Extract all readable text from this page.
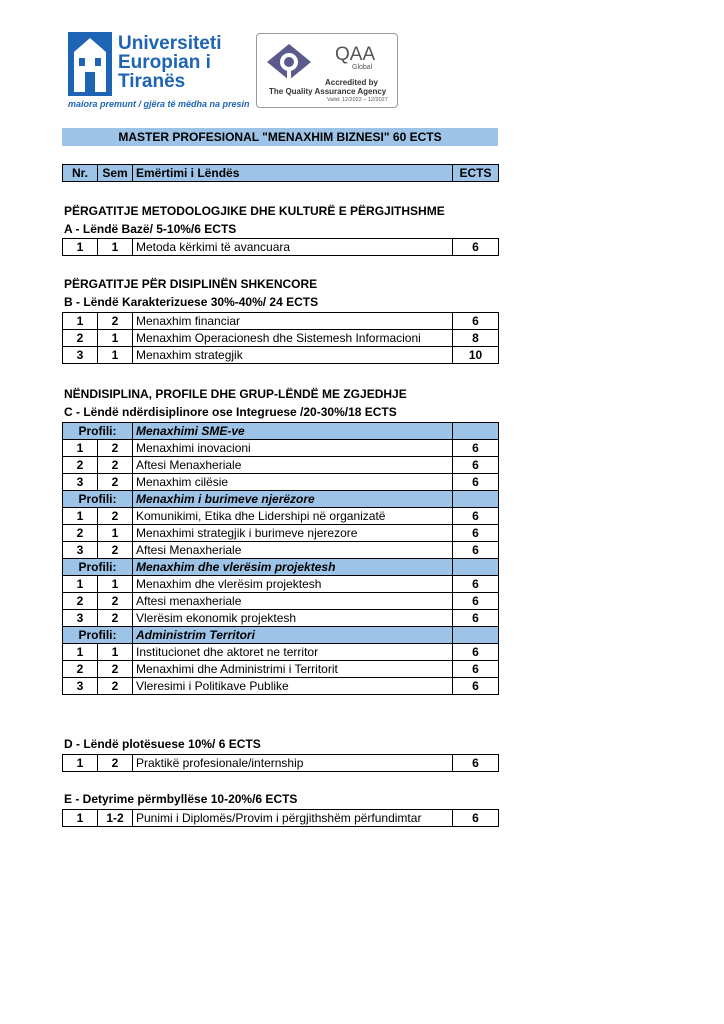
Universiteti
Europian i
Tiranës
maiora premunt / gjëra të mëdha na presin
QAA
Global
Accredited by
The Quality Assurance Agency
Valid: 12/2022 – 12/2027
MASTER PROFESIONAL "MENAXHIM BIZNESI" 60 ECTS
Nr.	Sem	Emërtimi i Lëndës	ECTS
PËRGATITJE METODOLOGJIKE DHE KULTURË E PËRGJITHSHME
A - Lëndë Bazë/ 5-10%/6 ECTS
1	1	Metoda kërkimi të avancuara	6
PËRGATITJE PËR DISIPLINËN SHKENCORE
B - Lëndë Karakterizuese 30%-40%/ 24 ECTS
1	2	Menaxhim financiar	6
2	1	Menaxhim Operacionesh dhe Sistemesh Informacioni	8
3	1	Menaxhim strategjik	10
NËNDISIPLINA, PROFILE DHE GRUP-LËNDË ME ZGJEDHJE
C - Lëndë ndërdisiplinore ose Integruese /20-30%/18 ECTS
Profili:		Menaxhimi SME-ve	
1	2	Menaxhimi inovacioni	6
2	2	Aftesi Menaxheriale	6
3	2	Menaxhim cilësie	6
Profili:		Menaxhim i burimeve njerëzore	
1	2	Komunikimi, Etika dhe Lidershipi në organizatë	6
2	1	Menaxhimi strategjik i burimeve njerezore	6
3	2	Aftesi Menaxheriale	6
Profili:		Menaxhim dhe vlerësim projektesh	
1	1	Menaxhim dhe vlerësim projektesh	6
2	2	Aftesi menaxheriale	6
3	2	Vlerësim ekonomik projektesh	6
Profili:		Administrim Territori	
1	1	Institucionet dhe aktoret ne territor	6
2	2	Menaxhimi dhe Administrimi i Territorit	6
3	2	Vleresimi i Politikave Publike	6
D - Lëndë plotësuese 10%/ 6 ECTS
1	2	Praktikë profesionale/internship	6
E - Detyrime përmbyllëse 10-20%/6 ECTS
1	1-2	Punimi i Diplomës/Provim i përgjithshëm përfundimtar	6
